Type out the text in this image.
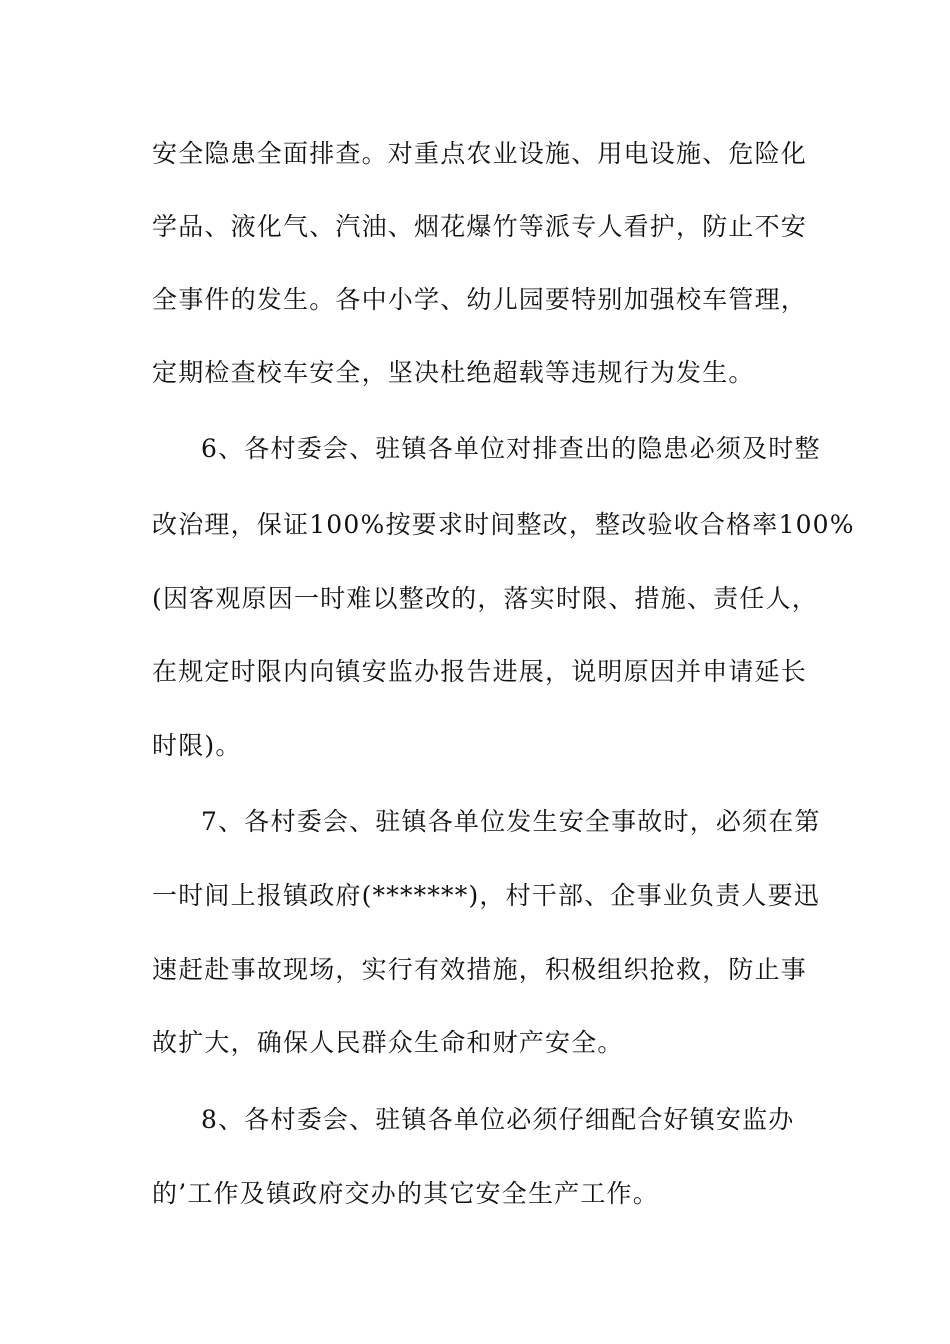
安全隐患全面排查。对重点农业设施、用电设施、危险化
学品、液化气、汽油、烟花爆竹等派专人看护，防止不安
全事件的发生。各中小学、幼儿园要特别加强校车管理，
定期检查校车安全，坚决杜绝超载等违规行为发生。
6、各村委会、驻镇各单位对排查出的隐患必须及时整
改治理，保证100%按要求时间整改，整改验收合格率100%
(因客观原因一时难以整改的，落实时限、措施、责任人，
在规定时限内向镇安监办报告进展，说明原因并申请延长
时限)。
7、各村委会、驻镇各单位发生安全事故时，必须在第
一时间上报镇政府(*******)，村干部、企事业负责人要迅
速赶赴事故现场，实行有效措施，积极组织抢救，防止事
故扩大，确保人民群众生命和财产安全。
8、各村委会、驻镇各单位必须仔细配合好镇安监办
的’工作及镇政府交办的其它安全生产工作。
